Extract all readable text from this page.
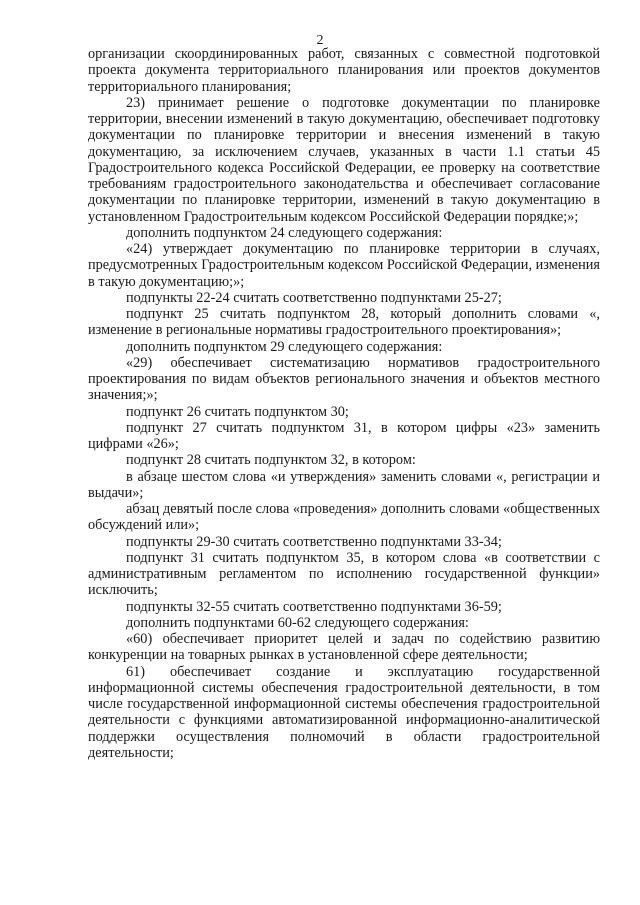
2

организации скоординированных работ, связанных с совместной подготовкой проекта документа территориального планирования или проектов документов территориального планирования;

23) принимает решение о подготовке документации по планировке территории, внесении изменений в такую документацию, обеспечивает подготовку документации по планировке территории и внесения изменений в такую документацию, за исключением случаев, указанных в части 1.1 статьи 45 Градостроительного кодекса Российской Федерации, ее проверку на соответствие требованиям градостроительного законодательства и обеспечивает согласование документации по планировке территории, изменений в такую документацию в установленном Градостроительным кодексом Российской Федерации порядке;»;

дополнить подпунктом 24 следующего содержания:

«24) утверждает документацию по планировке территории в случаях, предусмотренных Градостроительным кодексом Российской Федерации, изменения в такую документацию;»;

подпункты 22-24 считать соответственно подпунктами 25-27;

подпункт 25 считать подпунктом 28, который дополнить словами «, изменение в региональные нормативы градостроительного проектирования»;

дополнить подпунктом 29 следующего содержания:

«29) обеспечивает систематизацию нормативов градостроительного проектирования по видам объектов регионального значения и объектов местного значения;»;

подпункт 26 считать подпунктом 30;

подпункт 27 считать подпунктом 31, в котором цифры «23» заменить цифрами «26»;

подпункт 28 считать подпунктом 32, в котором:

в абзаце шестом слова «и утверждения» заменить словами «, регистрации и выдачи»;

абзац девятый после слова «проведения» дополнить словами «общественных обсуждений или»;

подпункты 29-30 считать соответственно подпунктами 33-34;

подпункт 31 считать подпунктом 35, в котором слова «в соответствии с административным регламентом по исполнению государственной функции» исключить;

подпункты 32-55 считать соответственно подпунктами 36-59;

дополнить подпунктами 60-62 следующего содержания:

«60) обеспечивает приоритет целей и задач по содействию развитию конкуренции на товарных рынках в установленной сфере деятельности;

61) обеспечивает создание и эксплуатацию государственной информационной системы обеспечения градостроительной деятельности, в том числе государственной информационной системы обеспечения градостроительной деятельности с функциями автоматизированной информационно-аналитической поддержки осуществления полномочий в области градостроительной деятельности;
